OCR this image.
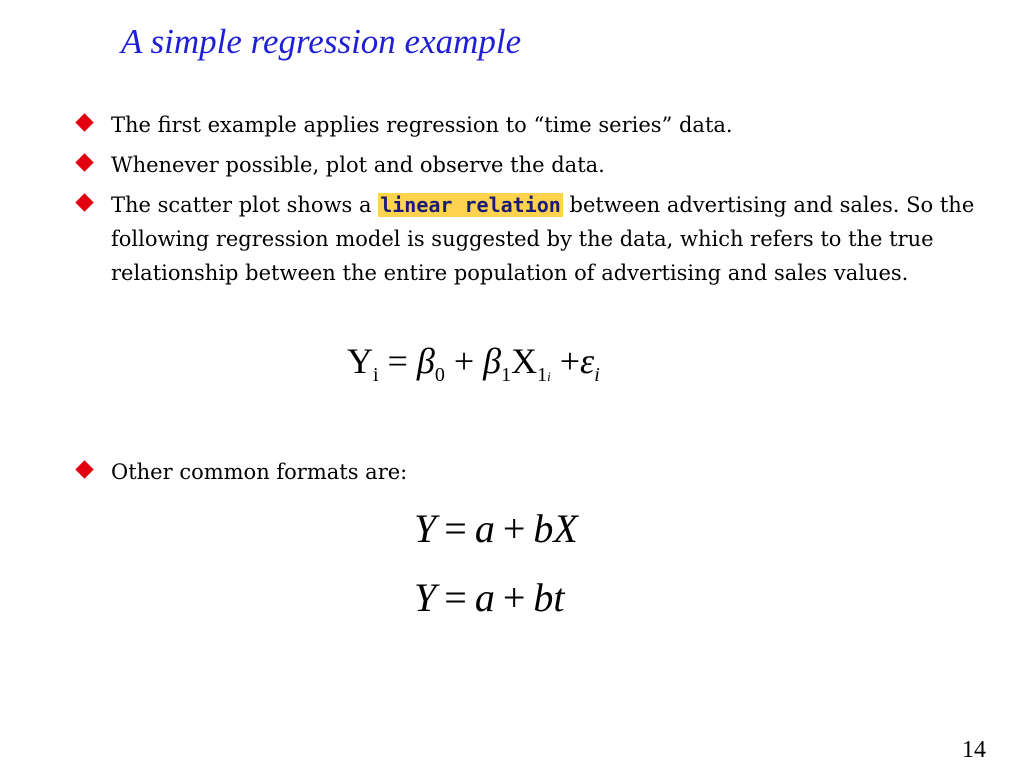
A simple regression example
The first example applies regression to “time series” data.
Whenever possible, plot and observe the data.
The scatter plot shows a linear relation between advertising and sales. So the following regression model is suggested by the data, which refers to the true relationship between the entire population of advertising and sales values.
$Y_i = \beta_0 + \beta_1X_{1i} +\varepsilon_i$
Other common formats are:
Y = a + bX
Y = a + bt
14
